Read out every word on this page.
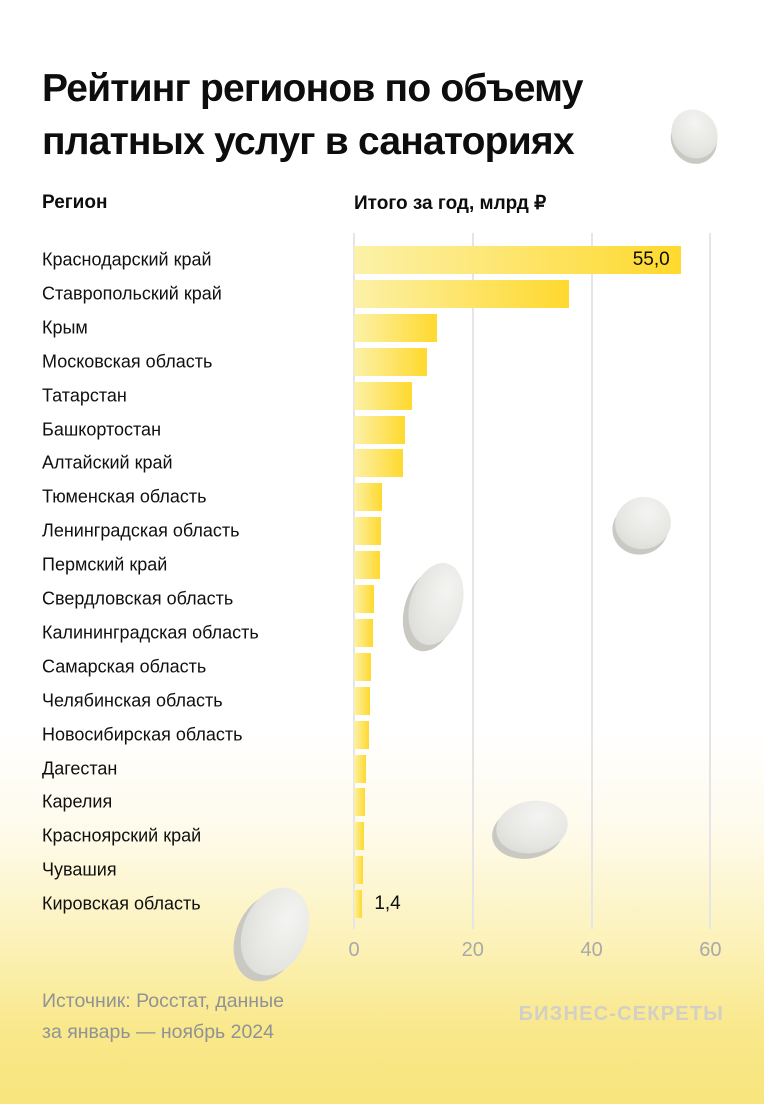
Рейтинг регионов по объему
платных услуг в санаториях
Регион	Итого за год, млрд ₽
0	20	40	60
Краснодарский край	55,0
Ставропольский край
Крым
Московская область
Татарстан
Башкортостан
Алтайский край
Тюменская область
Ленинградская область
Пермский край
Свердловская область
Калининградская область
Самарская область
Челябинская область
Новосибирская область
Дагестан
Карелия
Красноярский край
Чувашия
Кировская область	1,4

Источник: Росстат, данные
за январь — ноябрь 2024

БИЗНЕС-СЕКРЕТЫ
